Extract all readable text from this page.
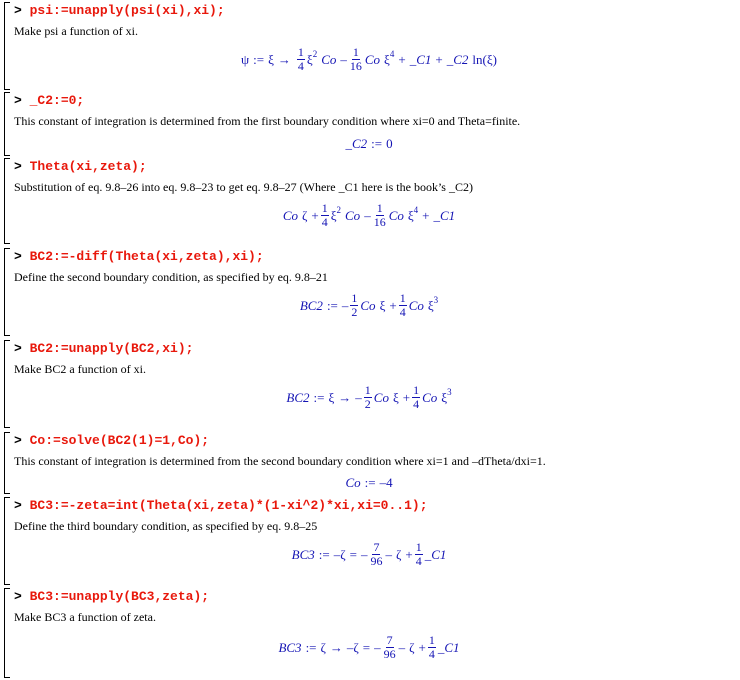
> psi:=unapply(psi(xi),xi);
Make psi a function of xi.
ψ := $\xi \to \frac{1}{4} \xi^2$ Co – $\frac{1}{16}$ Co $\xi^4$ + _C1 + _C2 ln( ξ )
> _C2:=0;
This constant of integration is determined from the first boundary condition where xi=0 and Theta=finite.
_C2 := 0
> Theta(xi,zeta);
Substitution of eq. 9.8–26 into eq. 9.8–23 to get eq. 9.8–27 (Where _C1 here is the book’s _C2)
Co $\zeta + \frac{1}{4} \xi^2$ Co – $\frac{1}{16}$ Co $\xi^4$ + _C1
> BC2:=-diff(Theta(xi,zeta),xi);
Define the second boundary condition, as specified by eq. 9.8–21
BC2 := – $\frac{1}{2}$ Co $\xi + \frac{1}{4}$ Co $\xi^3$
> BC2:=unapply(BC2,xi);
Make BC2 a function of xi.
BC2 := ξ → – $\frac{1}{2}$ Co $\xi + \frac{1}{4}$ Co $\xi^3$
> Co:=solve(BC2(1)=1,Co);
This constant of integration is determined from the second boundary condition where xi=1 and –dTheta/dxi=1.
Co := –4
> BC3:=-zeta=int(Theta(xi,zeta)*(1-xi^2)*xi,xi=0..1);
Define the third boundary condition, as specified by eq. 9.8–25
BC3 := – ζ = – $\frac{7}{96} - \zeta + \frac{1}{4}$ _C1
> BC3:=unapply(BC3,zeta);
Make BC3 a function of zeta.
BC3 := ζ → – ζ = – $\frac{7}{96} - \zeta + \frac{1}{4}$ _C1
